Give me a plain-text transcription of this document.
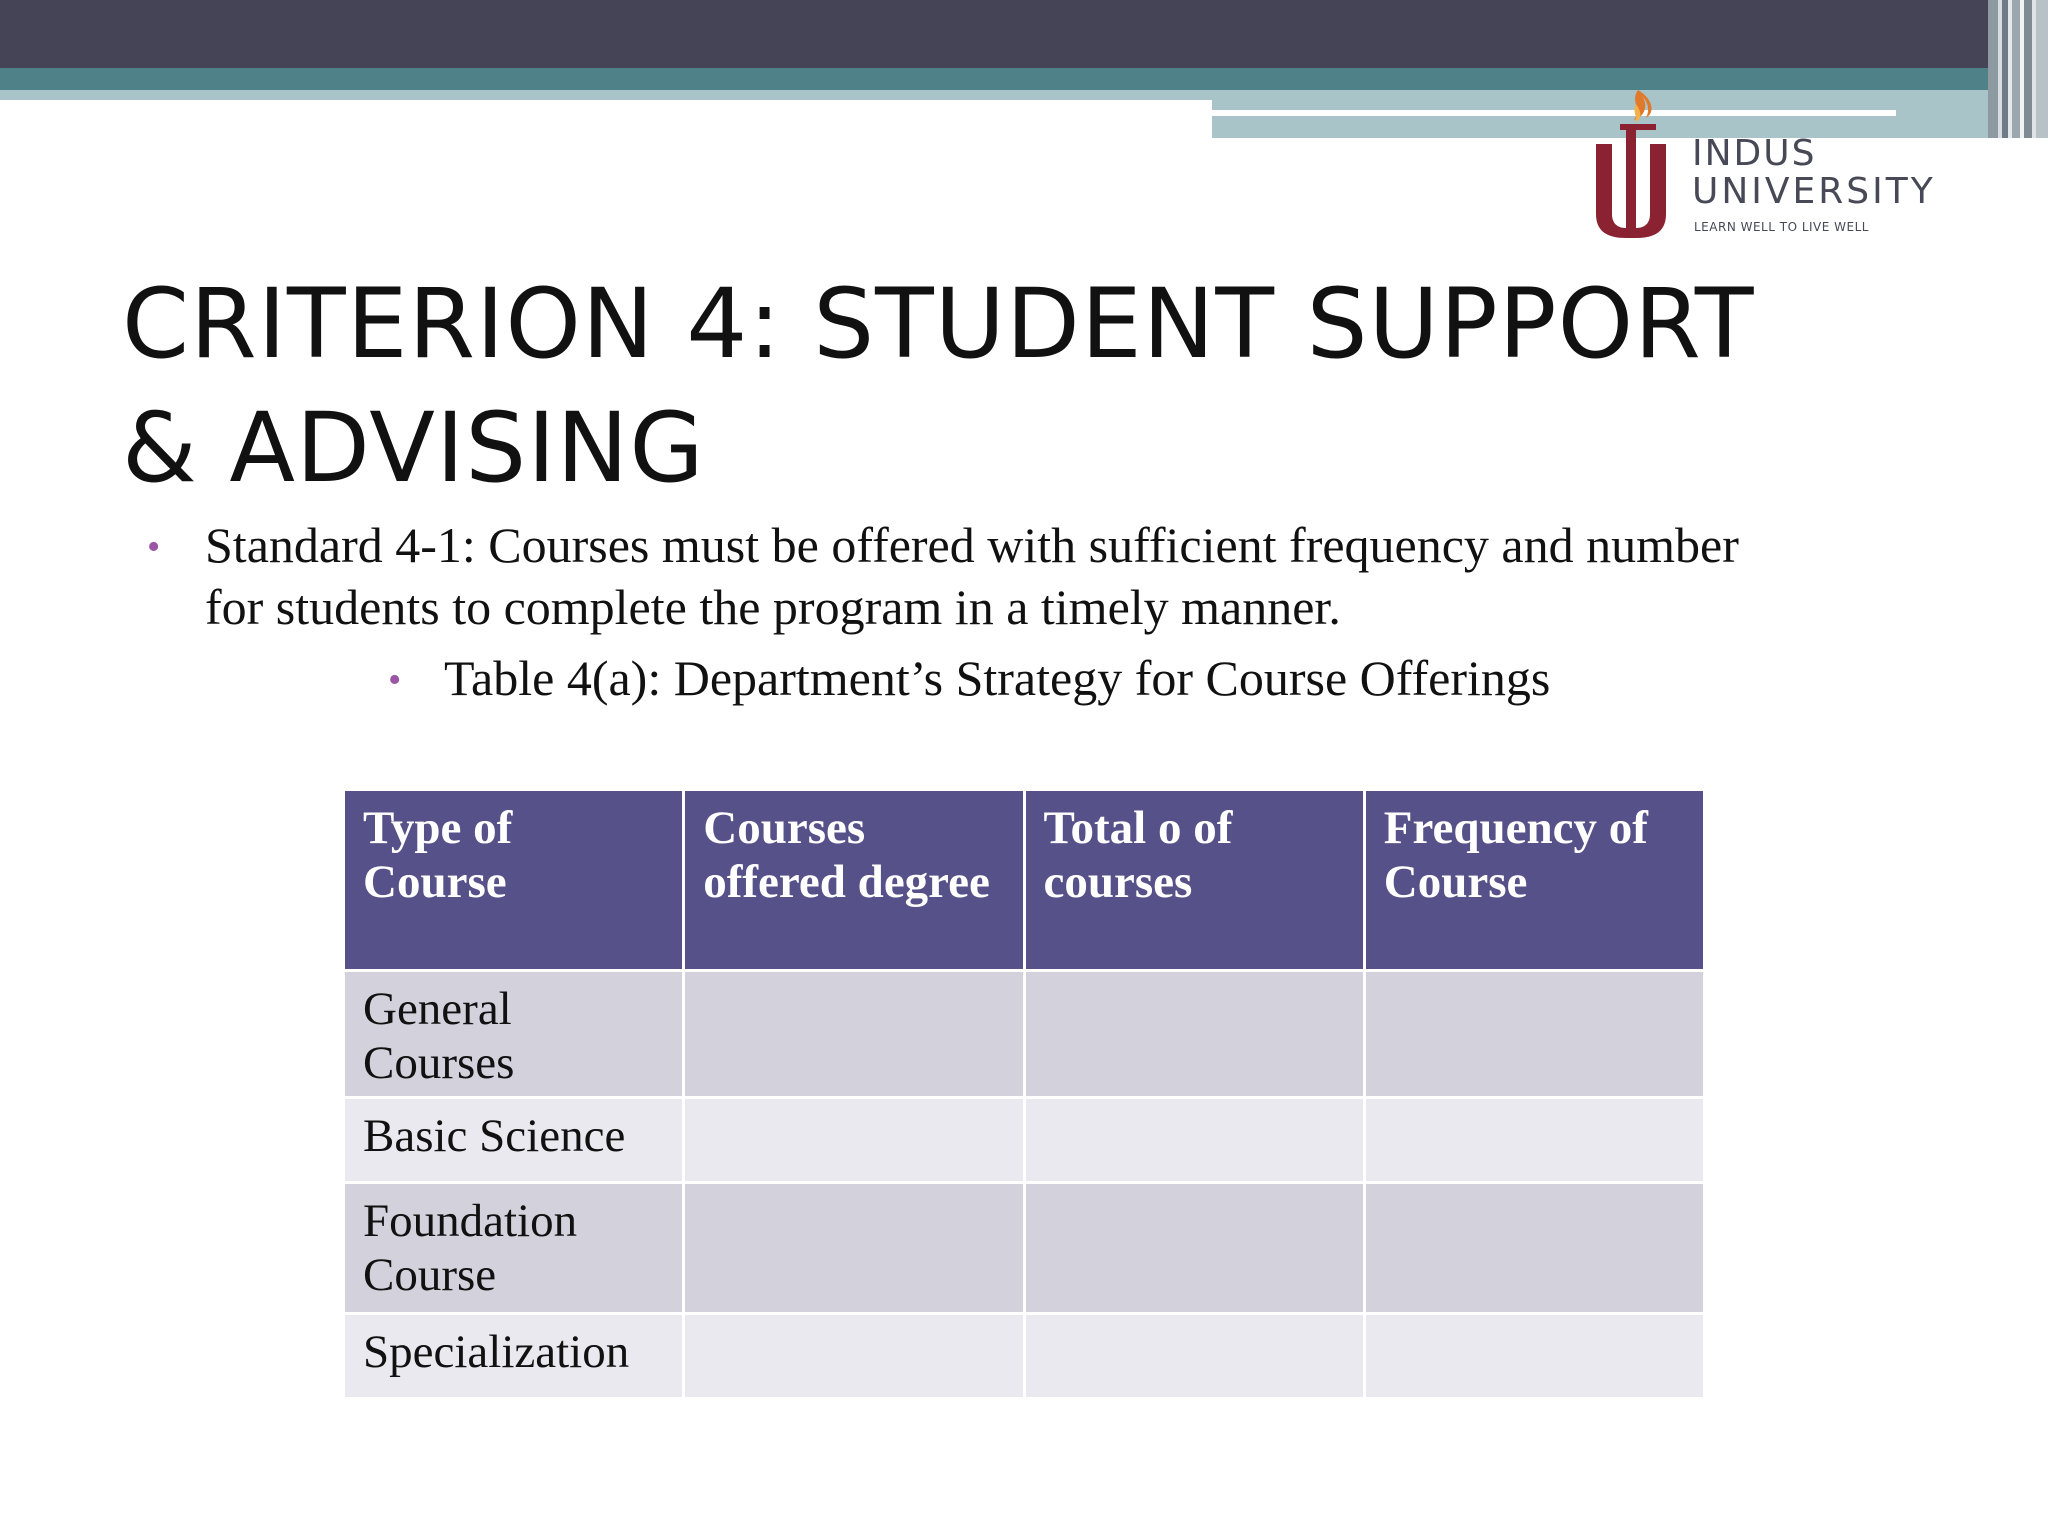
INDUS
UNIVERSITY
LEARN WELL TO LIVE WELL
CRITERION 4: STUDENT SUPPORT & ADVISING
• Standard 4-1: Courses must be offered with sufficient frequency and number for students to complete the program in a timely manner.
• Table 4(a): Department’s Strategy for Course Offerings
Type of Course	Courses offered degree	Total o of courses	Frequency of Course
General Courses			
Basic Science			
Foundation Course			
Specialization			
